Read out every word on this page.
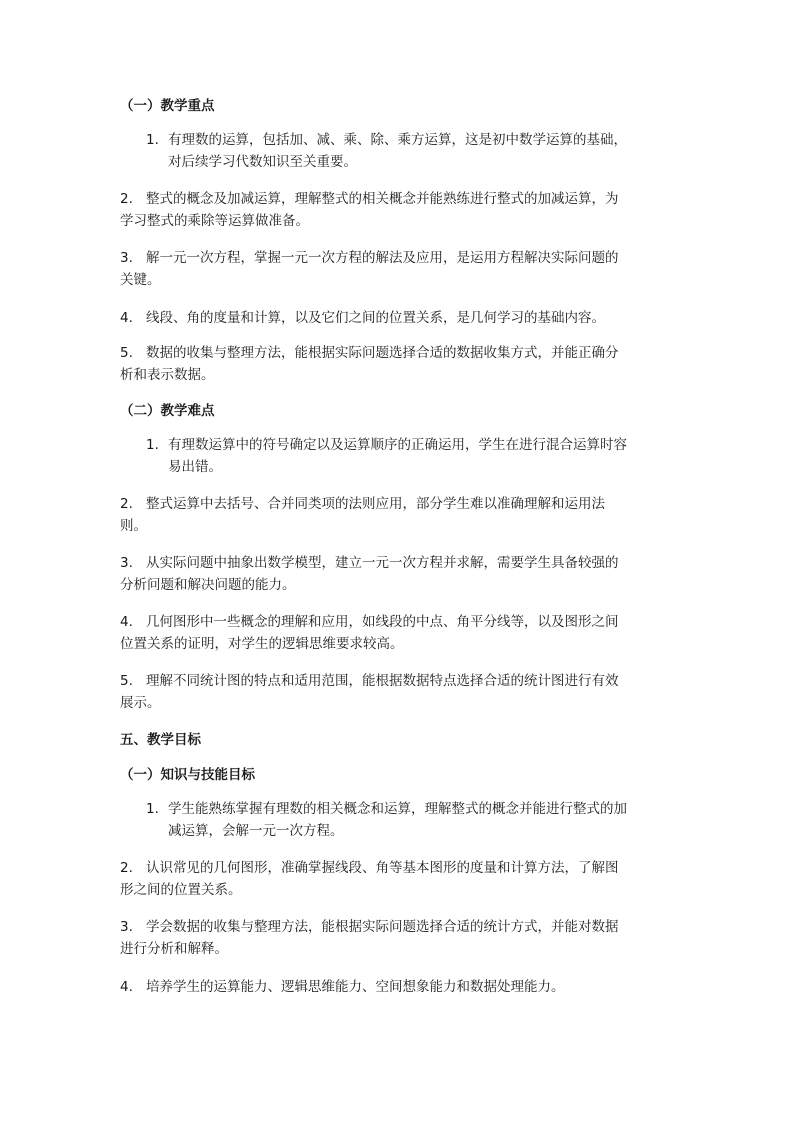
（一）教学重点
1. 有理数的运算，包括加、减、乘、除、乘方运算，这是初中数学运算的基础，
对后续学习代数知识至关重要。
2. 整式的概念及加减运算，理解整式的相关概念并能熟练进行整式的加减运算，为
学习整式的乘除等运算做准备。
3. 解一元一次方程，掌握一元一次方程的解法及应用，是运用方程解决实际问题的
关键。
4. 线段、角的度量和计算，以及它们之间的位置关系，是几何学习的基础内容。
5. 数据的收集与整理方法，能根据实际问题选择合适的数据收集方式，并能正确分
析和表示数据。
（二）教学难点
1. 有理数运算中的符号确定以及运算顺序的正确运用，学生在进行混合运算时容
易出错。
2. 整式运算中去括号、合并同类项的法则应用，部分学生难以准确理解和运用法
则。
3. 从实际问题中抽象出数学模型，建立一元一次方程并求解，需要学生具备较强的
分析问题和解决问题的能力。
4. 几何图形中一些概念的理解和应用，如线段的中点、角平分线等，以及图形之间
位置关系的证明，对学生的逻辑思维要求较高。
5. 理解不同统计图的特点和适用范围，能根据数据特点选择合适的统计图进行有效
展示。
五、教学目标
（一）知识与技能目标
1. 学生能熟练掌握有理数的相关概念和运算，理解整式的概念并能进行整式的加
减运算，会解一元一次方程。
2. 认识常见的几何图形，准确掌握线段、角等基本图形的度量和计算方法，了解图
形之间的位置关系。
3. 学会数据的收集与整理方法，能根据实际问题选择合适的统计方式，并能对数据
进行分析和解释。
4. 培养学生的运算能力、逻辑思维能力、空间想象能力和数据处理能力。
